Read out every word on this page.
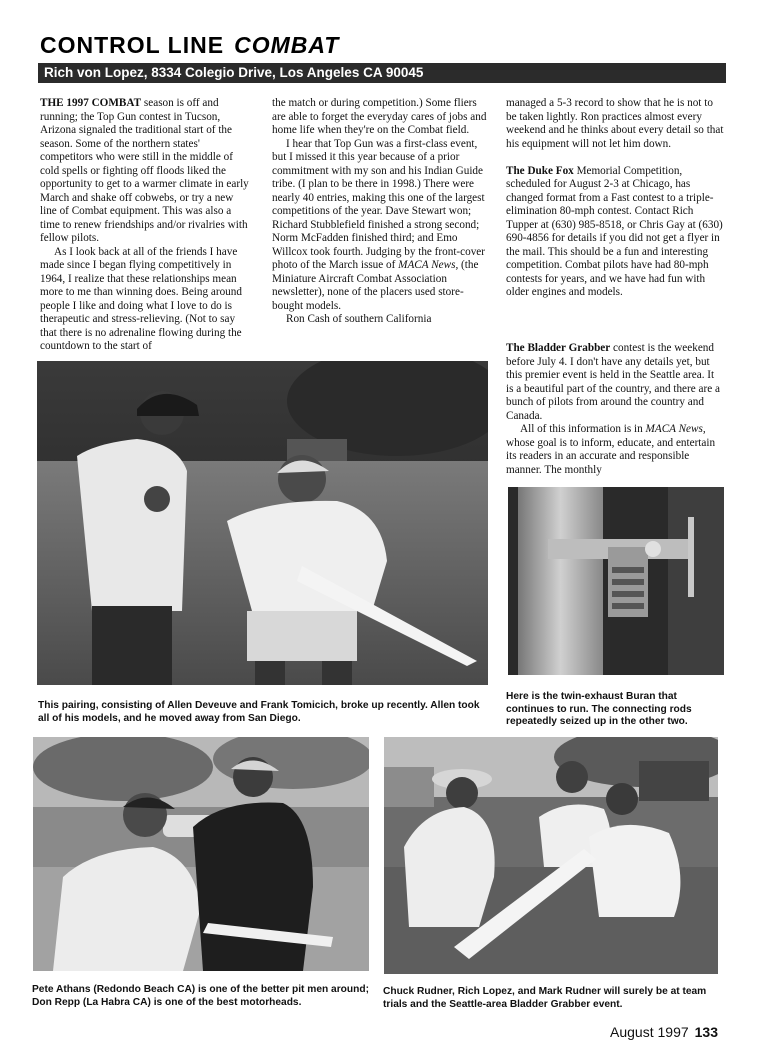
CONTROL LINE COMBAT
Rich von Lopez, 8334 Colegio Drive, Los Angeles CA 90045

THE 1997 COMBAT season is off and running; the Top Gun contest in Tucson, Arizona signaled the traditional start of the season. Some of the northern states' competitors who were still in the middle of cold spells or fighting off floods liked the opportunity to get to a warmer climate in early March and shake off cobwebs, or try a new line of Combat equipment. This was also a time to renew friendships and/or rivalries with fellow pilots.

As I look back at all of the friends I have made since I began flying competitively in 1964, I realize that these relationships mean more to me than winning does. Being around people I like and doing what I love to do is therapeutic and stress-relieving. (Not to say that there is no adrenaline flowing during the countdown to the start of

the match or during competition.) Some fliers are able to forget the everyday cares of jobs and home life when they're on the Combat field.

I hear that Top Gun was a first-class event, but I missed it this year because of a prior commitment with my son and his Indian Guide tribe. (I plan to be there in 1998.) There were nearly 40 entries, making this one of the largest competitions of the year. Dave Stewart won; Richard Stubblefield finished a strong second; Norm McFadden finished third; and Emo Willcox took fourth. Judging by the front-cover photo of the March issue of MACA News, (the Miniature Aircraft Combat Association newsletter), none of the placers used store-bought models.

Ron Cash of southern California

managed a 5-3 record to show that he is not to be taken lightly. Ron practices almost every weekend and he thinks about every detail so that his equipment will not let him down.

The Duke Fox Memorial Competition, scheduled for August 2-3 at Chicago, has changed format from a Fast contest to a triple-elimination 80-mph contest. Contact Rich Tupper at (630) 985-8518, or Chris Gay at (630) 690-4856 for details if you did not get a flyer in the mail. This should be a fun and interesting competition. Combat pilots have had 80-mph contests for years, and we have had fun with older engines and models.

The Bladder Grabber contest is the weekend before July 4. I don't have any details yet, but this premier event is held in the Seattle area. It is a beautiful part of the country, and there are a bunch of pilots from around the country and Canada.

All of this information is in MACA News, whose goal is to inform, educate, and entertain its readers in an accurate and responsible manner. The monthly

This pairing, consisting of Allen Deveuve and Frank Tomicich, broke up recently. Allen took all of his models, and he moved away from San Diego.
Here is the twin-exhaust Buran that continues to run. The connecting rods repeatedly seized up in the other two.
Pete Athans (Redondo Beach CA) is one of the better pit men around; Don Repp (La Habra CA) is one of the best motorheads.
Chuck Rudner, Rich Lopez, and Mark Rudner will surely be at team trials and the Seattle-area Bladder Grabber event.
August 1997 133
